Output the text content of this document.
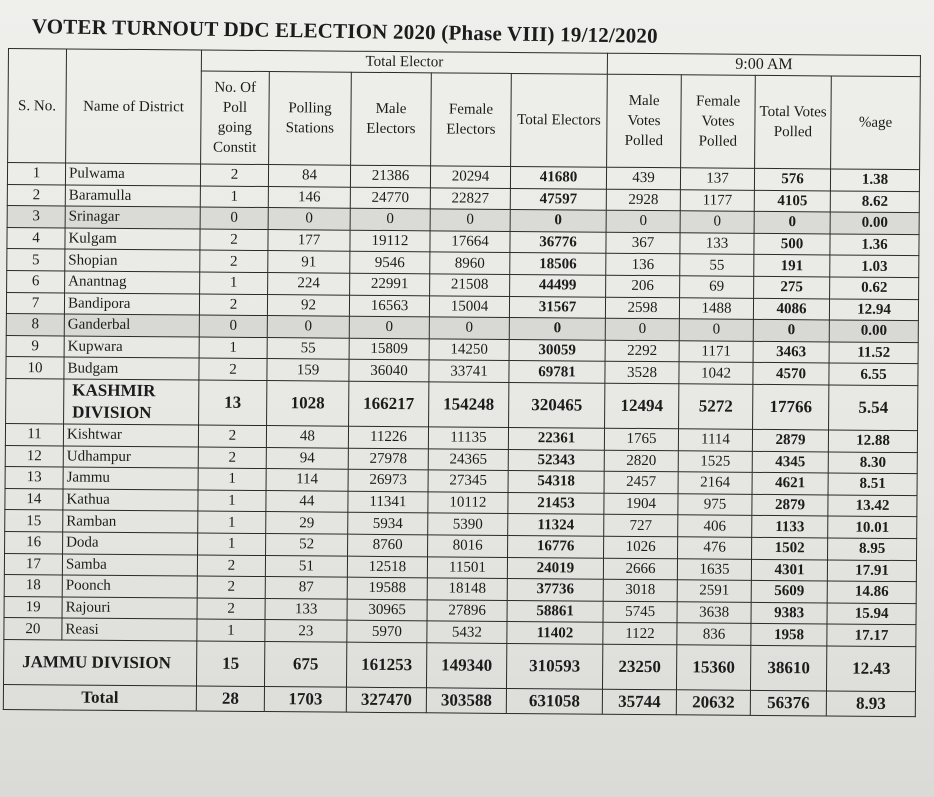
VOTER TURNOUT DDC ELECTION 2020 (Phase VIII) 19/12/2020
S. No.	Name of District	Total Elector					9:00 AM			
		No. Of Poll going Constit	Polling Stations	Male Electors	Female Electors	Total Electors	Male Votes Polled	Female Votes Polled	Total Votes Polled	%age

1	Pulwama	2	84	21386	20294	41680	439	137	576	1.38
2	Baramulla	1	146	24770	22827	47597	2928	1177	4105	8.62
3	Srinagar	0	0	0	0	0	0	0	0	0.00
4	Kulgam	2	177	19112	17664	36776	367	133	500	1.36
5	Shopian	2	91	9546	8960	18506	136	55	191	1.03
6	Anantnag	1	224	22991	21508	44499	206	69	275	0.62
7	Bandipora	2	92	16563	15004	31567	2598	1488	4086	12.94
8	Ganderbal	0	0	0	0	0	0	0	0	0.00
9	Kupwara	1	55	15809	14250	30059	2292	1171	3463	11.52
10	Budgam	2	159	36040	33741	69781	3528	1042	4570	6.55
	KASHMIR DIVISION	13	1028	166217	154248	320465	12494	5272	17766	5.54
11	Kishtwar	2	48	11226	11135	22361	1765	1114	2879	12.88
12	Udhampur	2	94	27978	24365	52343	2820	1525	4345	8.30
13	Jammu	1	114	26973	27345	54318	2457	2164	4621	8.51
14	Kathua	1	44	11341	10112	21453	1904	975	2879	13.42
15	Ramban	1	29	5934	5390	11324	727	406	1133	10.01
16	Doda	1	52	8760	8016	16776	1026	476	1502	8.95
17	Samba	2	51	12518	11501	24019	2666	1635	4301	17.91
18	Poonch	2	87	19588	18148	37736	3018	2591	5609	14.86
19	Rajouri	2	133	30965	27896	58861	5745	3638	9383	15.94
20	Reasi	1	23	5970	5432	11402	1122	836	1958	17.17
JAMMU DIVISION		15	675	161253	149340	310593	23250	15360	38610	12.43
Total		28	1703	327470	303588	631058	35744	20632	56376	8.93
